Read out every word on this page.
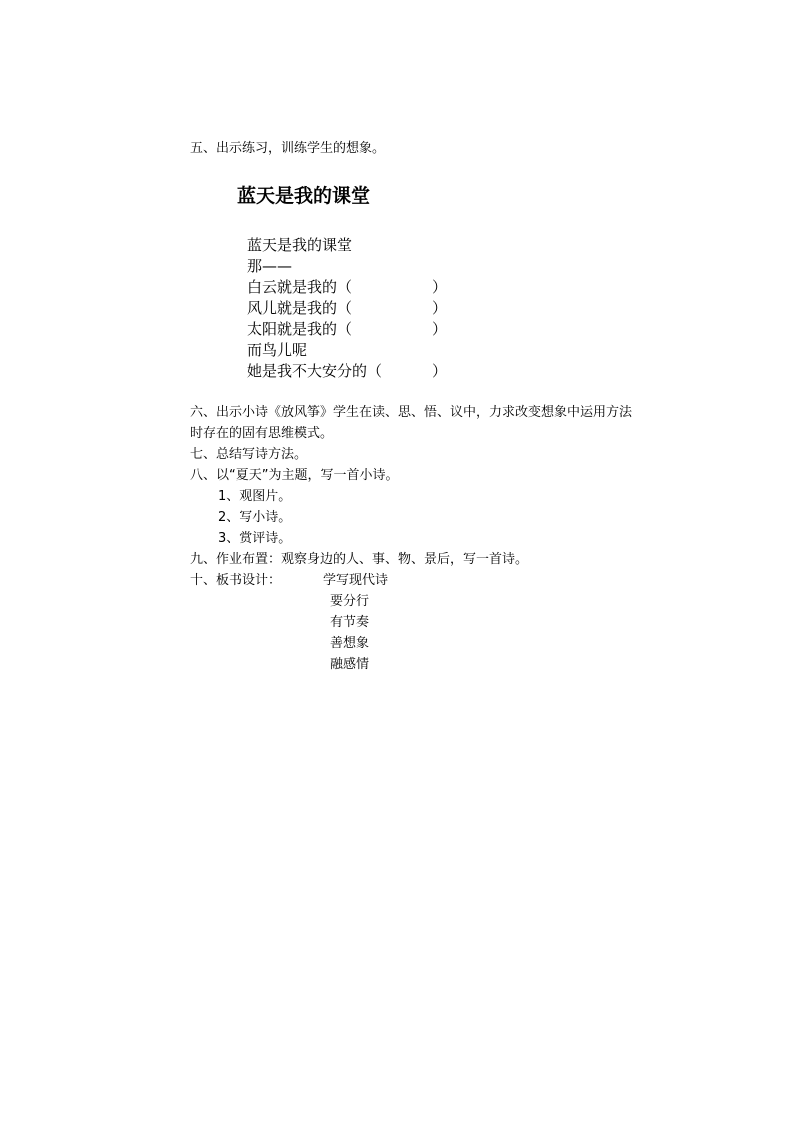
五、出示练习，训练学生的想象。
蓝天是我的课堂
蓝天是我的课堂
那——
白云就是我的（	）
风儿就是我的（	）
太阳就是我的（	）
而鸟儿呢
她是我不大安分的（	）
六、出示小诗《放风筝》学生在读、思、悟、议中，力求改变想象中运用方法
时存在的固有思维模式。
七、总结写诗方法。
八、以“夏天”为主题，写一首小诗。
1、观图片。
2、写小诗。
3、赏评诗。
九、作业布置：观察身边的人、事、物、景后，写一首诗。
十、板书设计：	学写现代诗
要分行
有节奏
善想象
融感情
